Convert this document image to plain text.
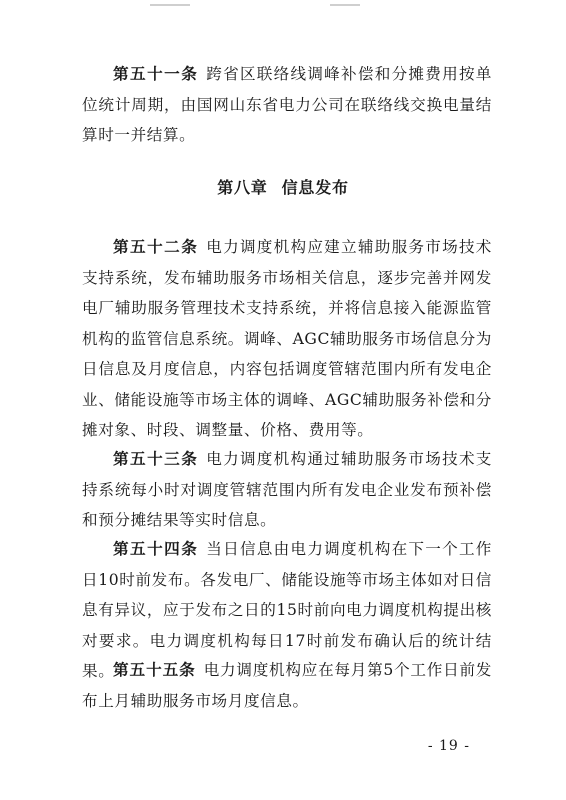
第五十一条 跨省区联络线调峰补偿和分摊费用按单位统计周期，由国网山东省电力公司在联络线交换电量结算时一并结算。

第八章 信息发布

第五十二条 电力调度机构应建立辅助服务市场技术支持系统，发布辅助服务市场相关信息，逐步完善并网发电厂辅助服务管理技术支持系统，并将信息接入能源监管机构的监管信息系统。调峰、AGC辅助服务市场信息分为日信息及月度信息，内容包括调度管辖范围内所有发电企业、储能设施等市场主体的调峰、AGC辅助服务补偿和分摊对象、时段、调整量、价格、费用等。

第五十三条 电力调度机构通过辅助服务市场技术支持系统每小时对调度管辖范围内所有发电企业发布预补偿和预分摊结果等实时信息。

第五十四条 当日信息由电力调度机构在下一个工作日10时前发布。各发电厂、储能设施等市场主体如对日信息有异议，应于发布之日的15时前向电力调度机构提出核对要求。电力调度机构每日17时前发布确认后的统计结果。

第五十五条 电力调度机构应在每月第5个工作日前发布上月辅助服务市场月度信息。

- 19 -
